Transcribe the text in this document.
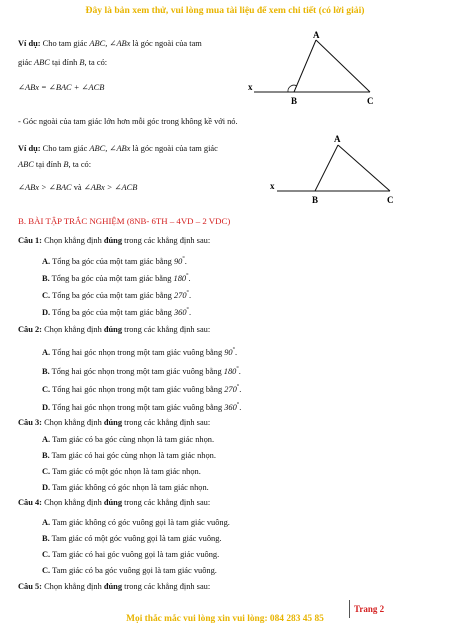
Đây là bản xem thử, vui lòng mua tài liệu để xem chi tiết (có lời giải)
Ví dụ: Cho tam giác ABC, ∠ABx là góc ngoài của tam
giác ABC tại đỉnh B, ta có:
∠ABx = ∠BAC + ∠ACB
A
B	C
x
- Góc ngoài của tam giác lớn hơn mỗi góc trong không kề với nó.
Ví dụ: Cho tam giác ABC, ∠ABx là góc ngoài của tam giác
ABC tại đỉnh B, ta có:
∠ABx > ∠BAC và ∠ABx > ∠ACB
A
B	C
x
B. BÀI TẬP TRẮC NGHIỆM (8NB- 6TH – 4VD – 2 VDC)
Câu 1: Chọn khẳng định đúng trong các khẳng định sau:
A. Tổng ba góc của một tam giác bằng 90°.
B. Tổng ba góc của một tam giác bằng 180°.
C. Tổng ba góc của một tam giác bằng 270°.
D. Tổng ba góc của một tam giác bằng 360°.
Câu 2: Chọn khẳng định đúng trong các khẳng định sau:
A. Tổng hai góc nhọn trong một tam giác vuông bằng 90°.
B. Tổng hai góc nhọn trong một tam giác vuông bằng 180°.
C. Tổng hai góc nhọn trong một tam giác vuông bằng 270°.
D. Tổng hai góc nhọn trong một tam giác vuông bằng 360°.
Câu 3: Chọn khẳng định đúng trong các khẳng định sau:
A. Tam giác có ba góc cùng nhọn là tam giác nhọn.
B. Tam giác có hai góc cùng nhọn là tam giác nhọn.
C. Tam giác có một góc nhọn là tam giác nhọn.
D. Tam giác không có góc nhọn là tam giác nhọn.
Câu 4: Chọn khẳng định đúng trong các khẳng định sau:
A. Tam giác không có góc vuông gọi là tam giác vuông.
B. Tam giác có một góc vuông gọi là tam giác vuông.
C. Tam giác có hai góc vuông gọi là tam giác vuông.
C. Tam giác có ba góc vuông gọi là tam giác vuông.
Câu 5: Chọn khẳng định đúng trong các khẳng định sau:
Trang 2
Mọi thắc mắc vui lòng xin vui lòng: 084 283 45 85
